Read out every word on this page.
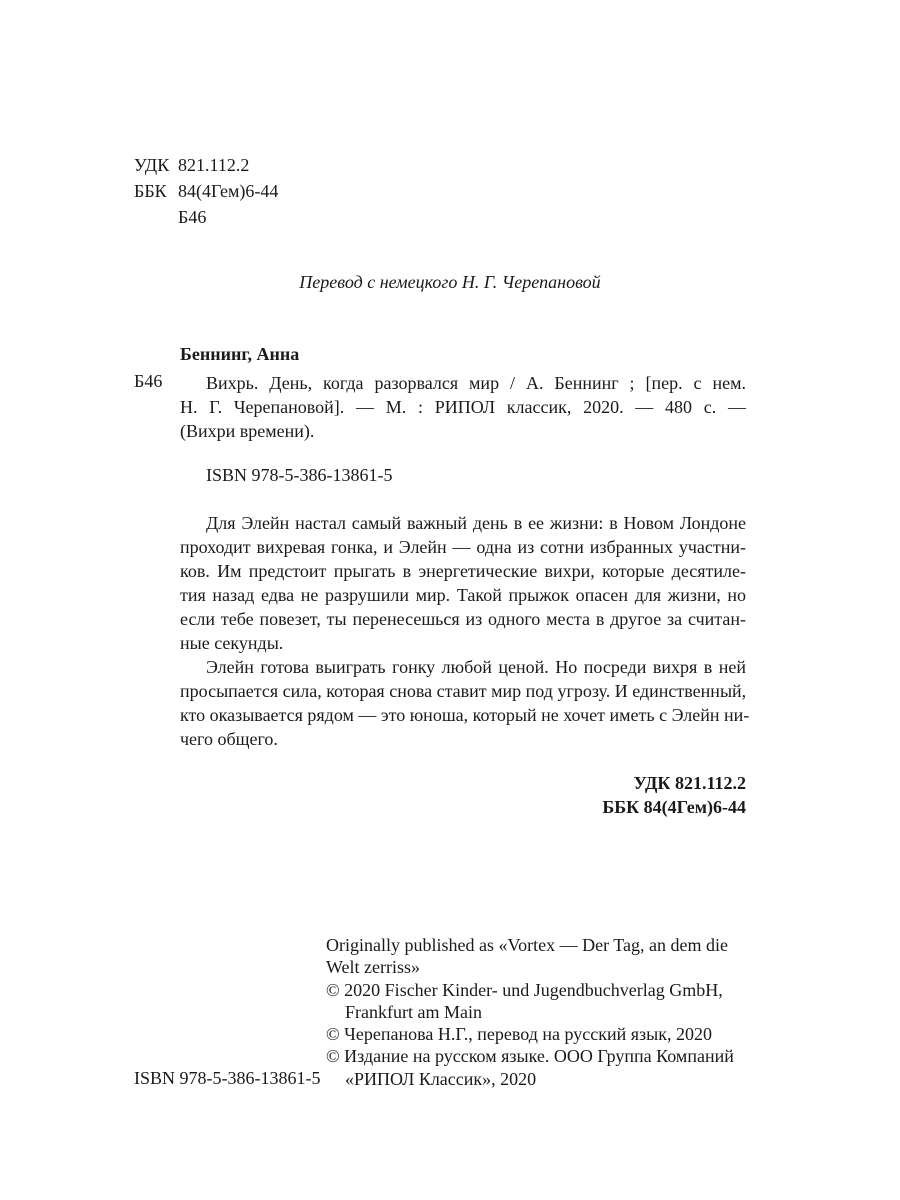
УДК 821.112.2
ББК 84(4Гем)6-44
Б46
Перевод с немецкого Н. Г. Черепановой
Беннинг, Анна
Б46	Вихрь. День, когда разорвался мир / А. Беннинг ; [пер. с нем.
Н. Г. Черепановой]. — М. : РИПОЛ классик, 2020. — 480 с. —
(Вихри времени).
ISBN 978-5-386-13861-5
Для Элейн настал самый важный день в ее жизни: в Новом Лондоне
проходит вихревая гонка, и Элейн — одна из сотни избранных участни-
ков. Им предстоит прыгать в энергетические вихри, которые десятиле-
тия назад едва не разрушили мир. Такой прыжок опасен для жизни, но
если тебе повезет, ты перенесешься из одного места в другое за считан-
ные секунды.
Элейн готова выиграть гонку любой ценой. Но посреди вихря в ней
просыпается сила, которая снова ставит мир под угрозу. И единственный,
кто оказывается рядом — это юноша, который не хочет иметь с Элейн ни-
чего общего.
УДК 821.112.2
ББК 84(4Гем)6-44
Originally published as «Vortex — Der Tag, an dem die
Welt zerriss»
© 2020 Fischer Kinder- und Jugendbuchverlag GmbH,
Frankfurt am Main
© Черепанова Н.Г., перевод на русский язык, 2020
© Издание на русском языке. ООО Группа Компаний
«РИПОЛ Классик», 2020
ISBN 978-5-386-13861-5
